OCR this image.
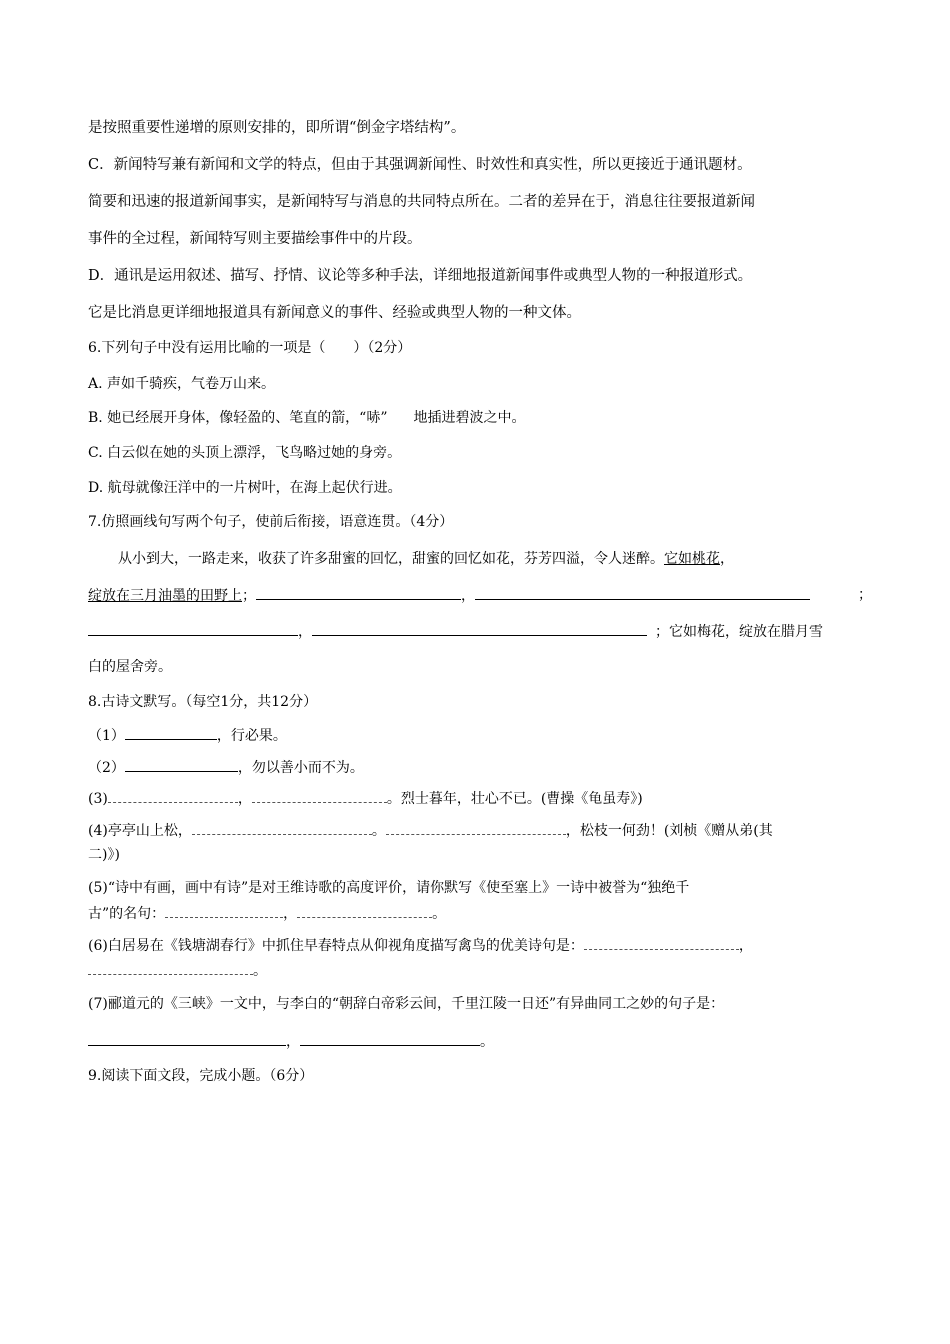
是按照重要性递增的原则安排的，即所谓“倒金字塔结构”。
C．新闻特写兼有新闻和文学的特点，但由于其强调新闻性、时效性和真实性，所以更接近于通讯题材。
简要和迅速的报道新闻事实，是新闻特写与消息的共同特点所在。二者的差异在于，消息往往要报道新闻
事件的全过程，新闻特写则主要描绘事件中的片段。
D．通讯是运用叙述、描写、抒情、议论等多种手法，详细地报道新闻事件或典型人物的一种报道形式。
它是比消息更详细地报道具有新闻意义的事件、经验或典型人物的一种文体。
6.下列句子中没有运用比喻的一项是（　　）（2分）
A. 声如千骑疾，气卷万山来。
B. 她已经展开身体，像轻盈的、笔直的箭，“哧” 地插进碧波之中。
C. 白云似在她的头顶上漂浮，飞鸟略过她的身旁。
D. 航母就像汪洋中的一片树叶，在海上起伏行进。
7.仿照画线句写两个句子，使前后衔接，语意连贯。（4分）
从小到大，一路走来，收获了许多甜蜜的回忆，甜蜜的回忆如花，芬芳四溢，令人迷醉。它如桃花，
绽放在三月油墨的田野上；	，	；
，	；它如梅花，绽放在腊月雪
白的屋舍旁。
8.古诗文默写。（每空1分，共12分）
（1）	，行必果。
（2）	，勿以善小而不为。
(3)	，	。烈士暮年，壮心不已。(曹操《龟虽寿》)
(4)亭亭山上松，	。	，松枝一何劲！(刘桢《赠从弟(其
二)》)
(5)“诗中有画，画中有诗”是对王维诗歌的高度评价，请你默写《使至塞上》一诗中被誉为“独绝千
古”的名句：	，	。
(6)白居易在《钱塘湖春行》中抓住早春特点从仰视角度描写禽鸟的优美诗句是：	，
。
(7)郦道元的《三峡》一文中，与李白的“朝辞白帝彩云间，千里江陵一日还”有异曲同工之妙的句子是：
，	。
9.阅读下面文段，完成小题。（6分）
